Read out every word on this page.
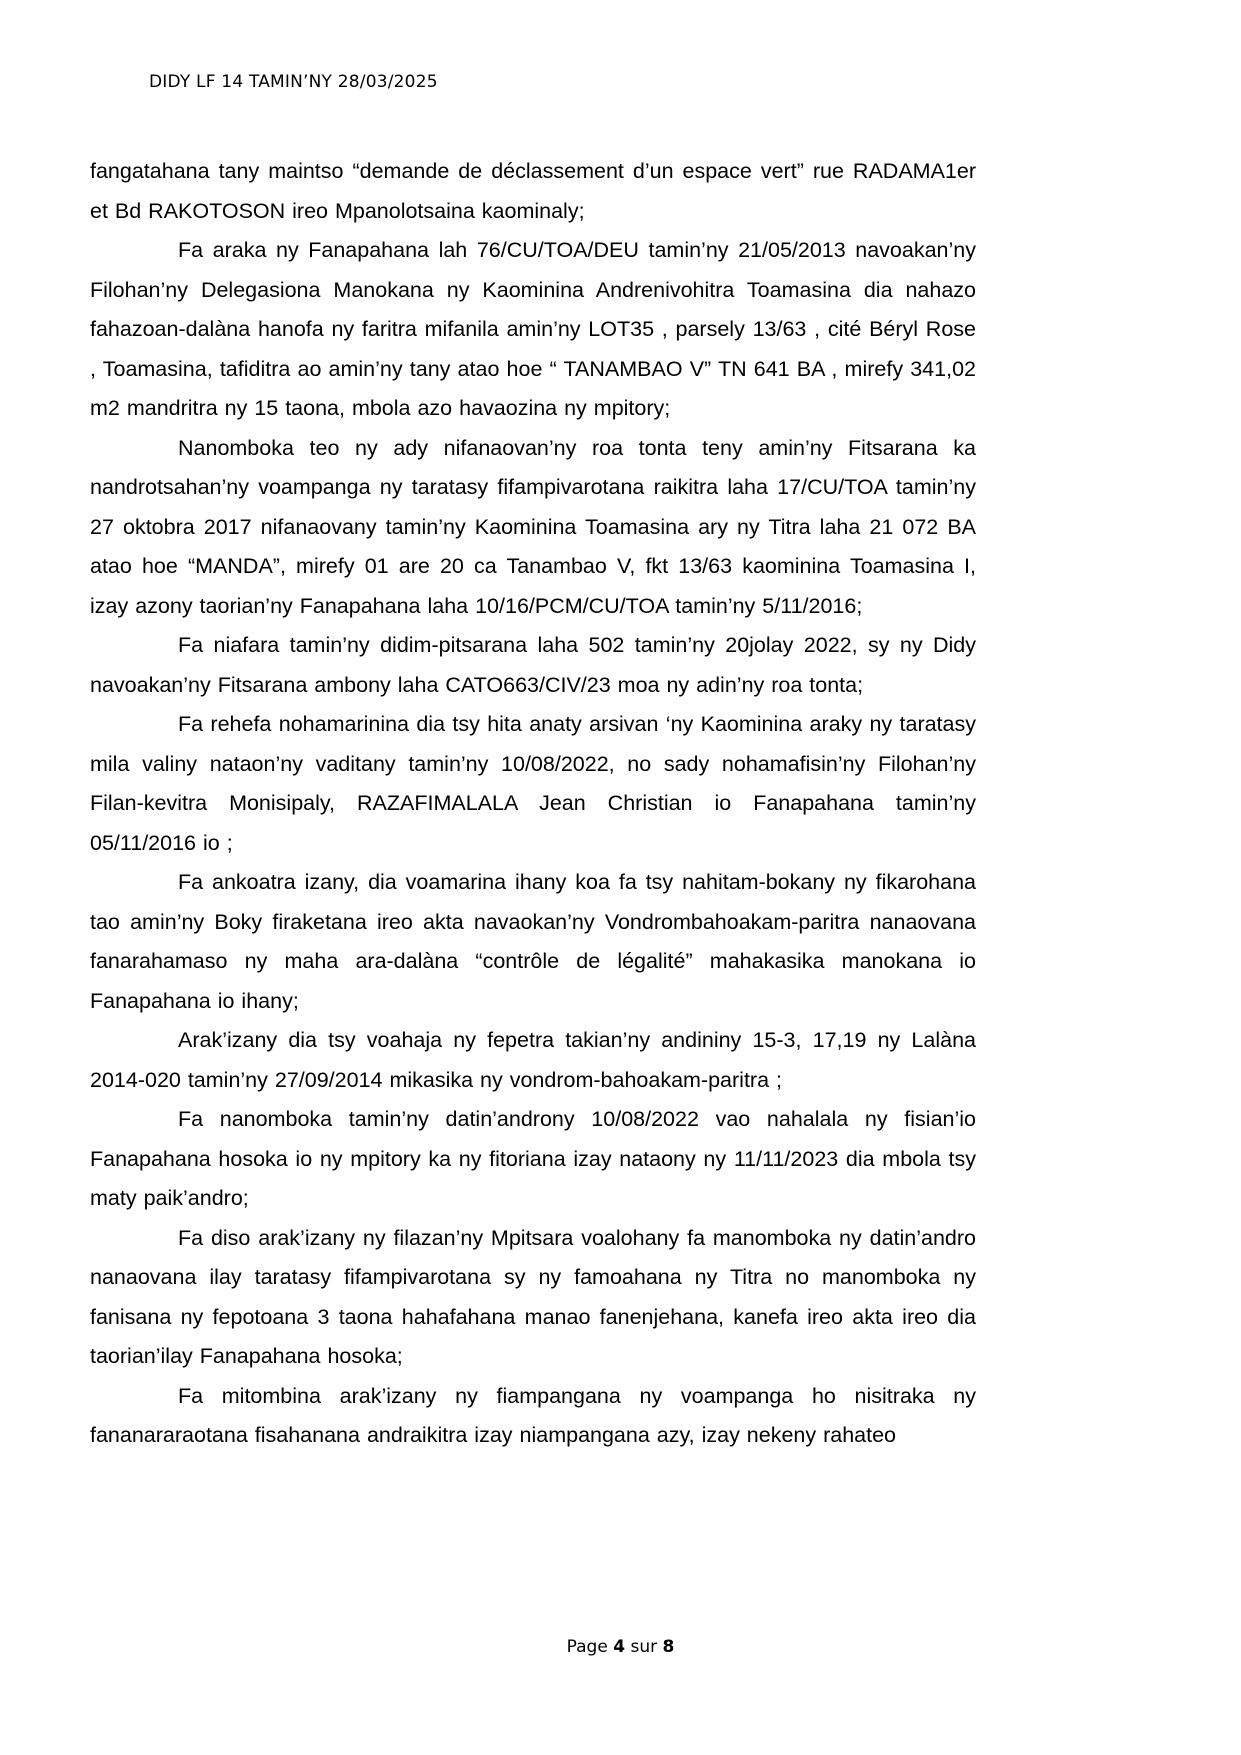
DIDY LF 14 TAMIN’NY 28/03/2025

fangatahana tany maintso “demande de déclassement d’un espace vert” rue RADAMA1er et Bd RAKOTOSON ireo Mpanolotsaina kaominaly;

Fa araka ny Fanapahana lah 76/CU/TOA/DEU tamin’ny 21/05/2013 navoakan’ny Filohan’ny Delegasiona Manokana ny Kaominina Andrenivohitra Toamasina dia nahazo fahazoan-dalàna hanofa ny faritra mifanila amin’ny LOT35 , parsely 13/63 , cité Béryl Rose , Toamasina, tafiditra ao amin’ny tany atao hoe “ TANAMBAO V” TN 641 BA , mirefy 341,02 m2 mandritra ny 15 taona, mbola azo havaozina ny mpitory;

Nanomboka teo ny ady nifanaovan’ny roa tonta teny amin’ny Fitsarana ka nandrotsahan’ny voampanga ny taratasy fifampivarotana raikitra laha 17/CU/TOA tamin’ny 27 oktobra 2017 nifanaovany tamin’ny Kaominina Toamasina ary ny Titra laha 21 072 BA atao hoe “MANDA”, mirefy 01 are 20 ca Tanambao V, fkt 13/63 kaominina Toamasina I, izay azony taorian’ny Fanapahana laha 10/16/PCM/CU/TOA tamin’ny 5/11/2016;

Fa niafara tamin’ny didim-pitsarana laha 502 tamin’ny 20jolay 2022, sy ny Didy navoakan’ny Fitsarana ambony laha CATO663/CIV/23 moa ny adin’ny roa tonta;

Fa rehefa nohamarinina dia tsy hita anaty arsivan ‘ny Kaominina araky ny taratasy mila valiny nataon’ny vaditany tamin’ny 10/08/2022, no sady nohamafisin’ny Filohan’ny Filan-kevitra Monisipaly, RAZAFIMALALA Jean Christian io Fanapahana tamin’ny 05/11/2016 io ;

Fa ankoatra izany, dia voamarina ihany koa fa tsy nahitam-bokany ny fikarohana tao amin’ny Boky firaketana ireo akta navaokan’ny Vondrombahoakam-paritra nanaovana fanarahamaso ny maha ara-dalàna “contrôle de légalité” mahakasika manokana io Fanapahana io ihany;

Arak’izany dia tsy voahaja ny fepetra takian’ny andininy 15-3, 17,19 ny Lalàna 2014-020 tamin’ny 27/09/2014 mikasika ny vondrom-bahoakam-paritra ;

Fa nanomboka tamin’ny datin’androny 10/08/2022 vao nahalala ny fisian’io Fanapahana hosoka io ny mpitory ka ny fitoriana izay nataony ny 11/11/2023 dia mbola tsy maty paik’andro;

Fa diso arak’izany ny filazan’ny Mpitsara voalohany fa manomboka ny datin’andro nanaovana ilay taratasy fifampivarotana sy ny famoahana ny Titra no manomboka ny fanisana ny fepotoana 3 taona hahafahana manao fanenjehana, kanefa ireo akta ireo dia taorian’ilay Fanapahana hosoka;

Fa mitombina arak’izany ny fiampangana ny voampanga ho nisitraka ny fananararaotana fisahanana andraikitra izay niampangana azy, izay nekeny rahateo

Page 4 sur 8
